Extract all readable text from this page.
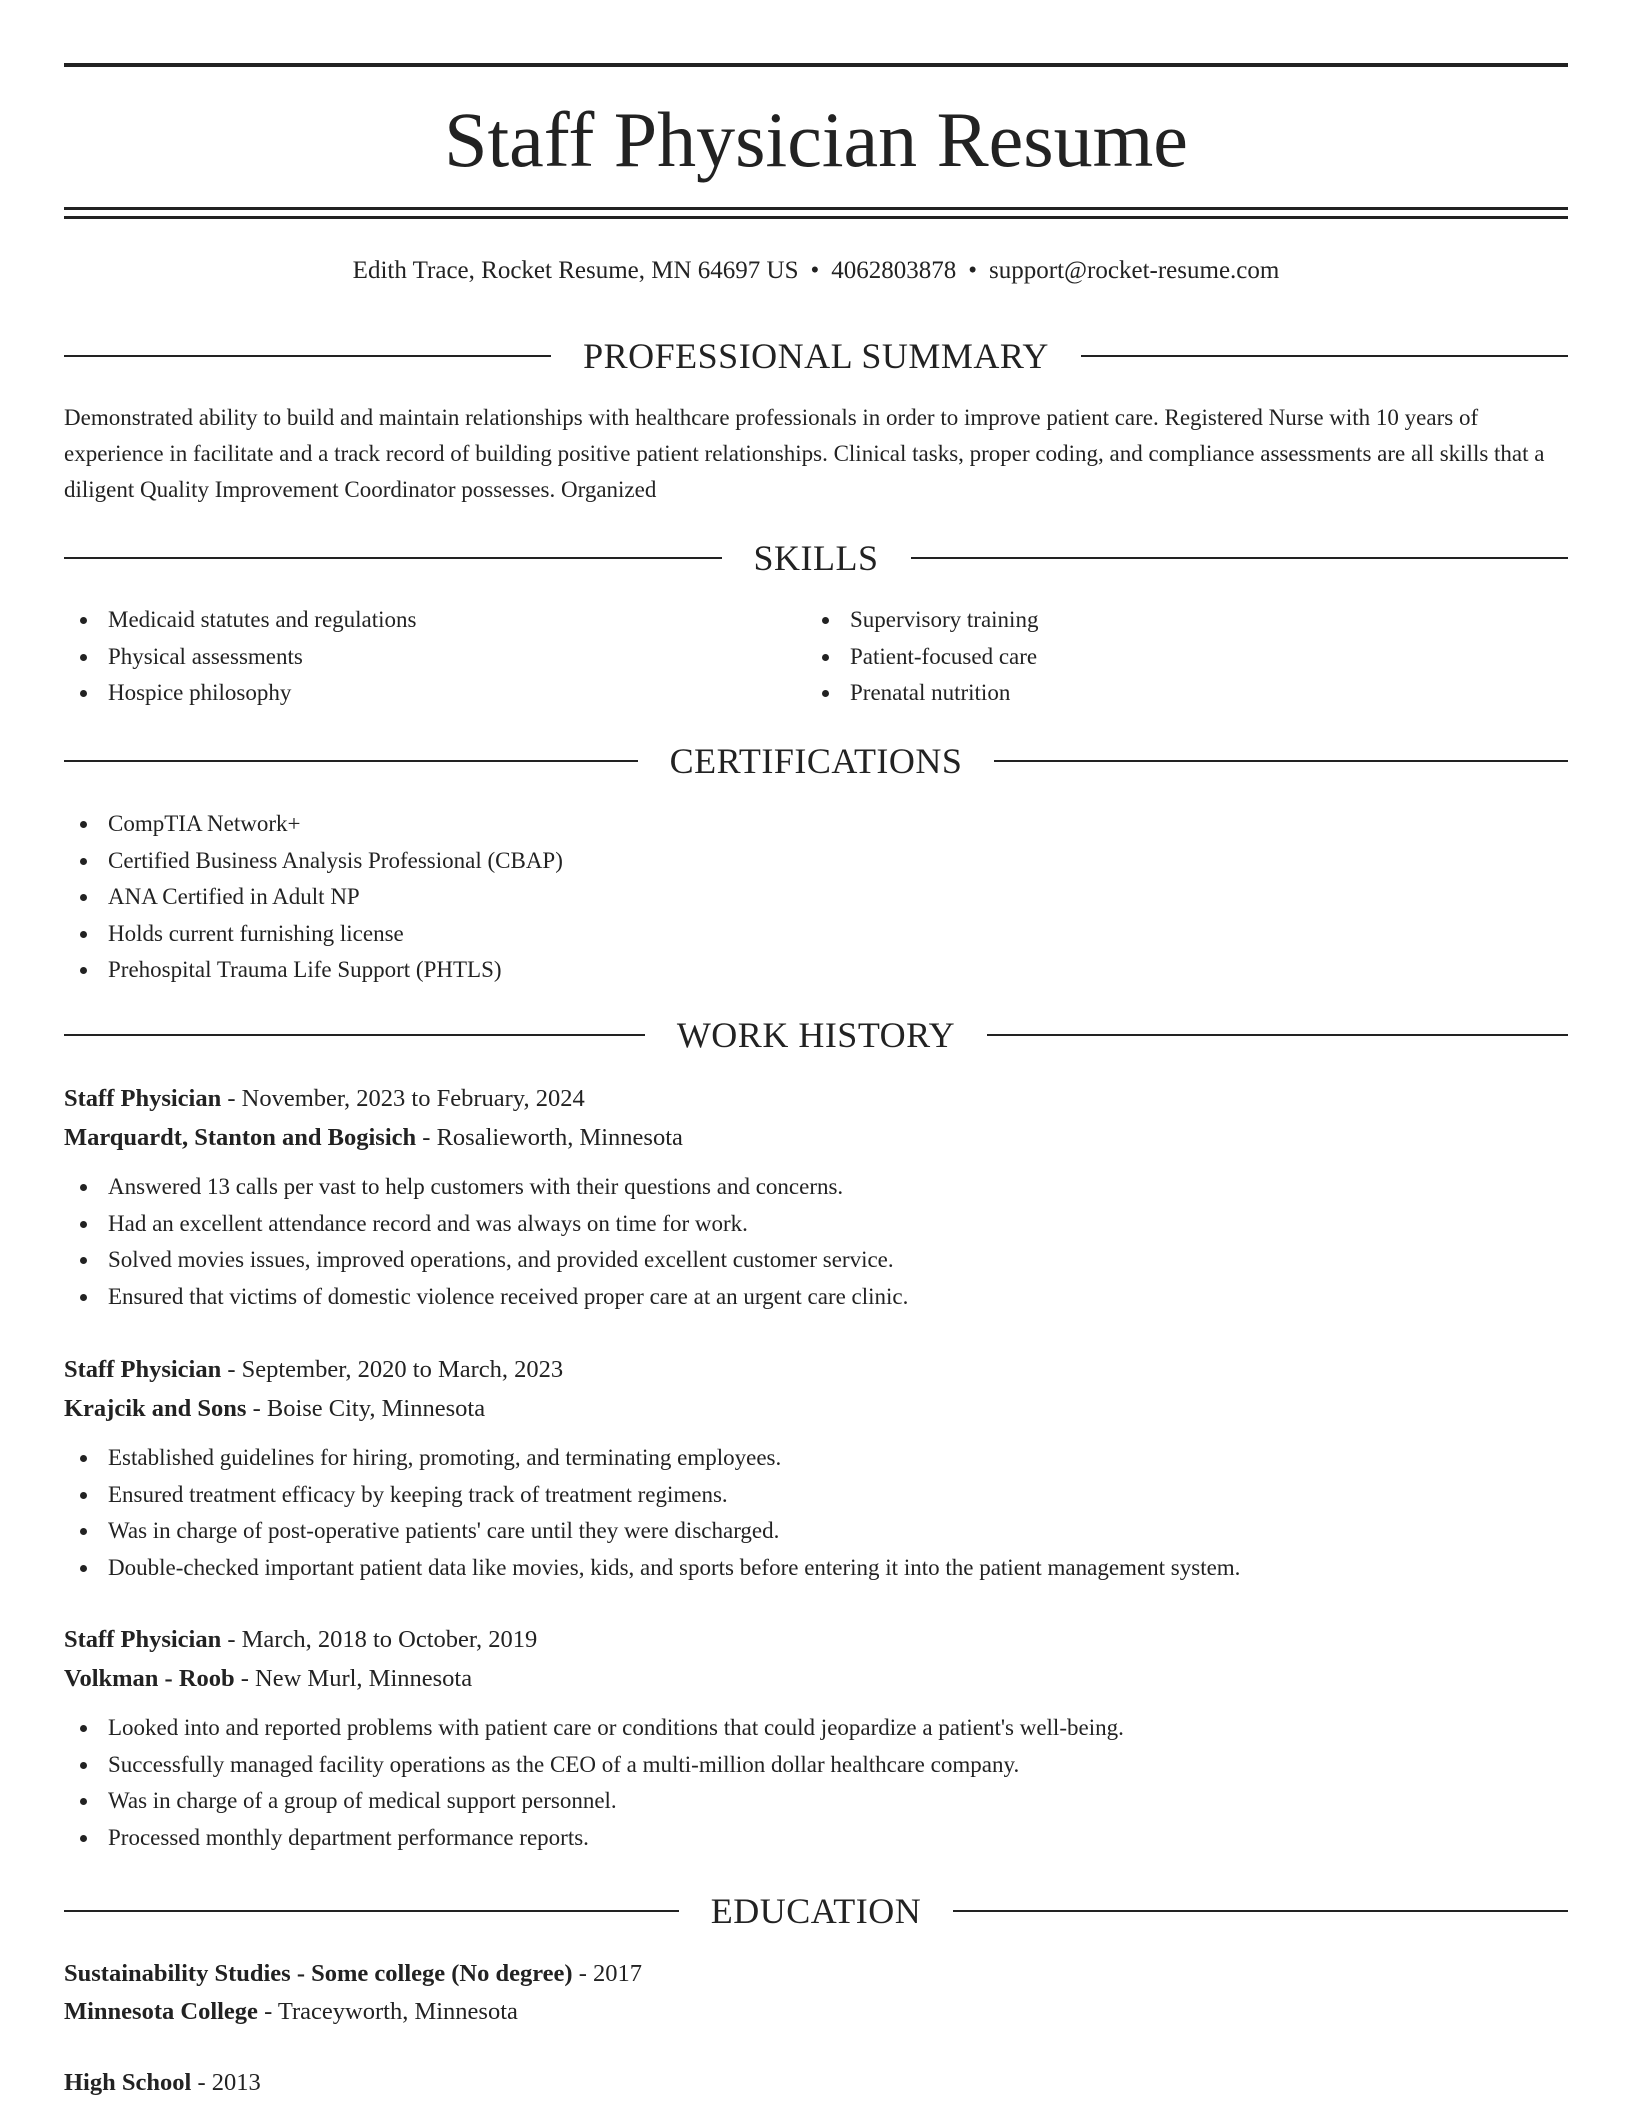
Staff Physician Resume
Edith Trace, Rocket Resume, MN 64697 US • 4062803878 • support@rocket-resume.com
PROFESSIONAL SUMMARY

Demonstrated ability to build and maintain relationships with healthcare professionals in order to improve patient care. Registered Nurse with 10 years of experience in facilitate and a track record of building positive patient relationships. Clinical tasks, proper coding, and compliance assessments are all skills that a diligent Quality Improvement Coordinator possesses. Organized

SKILLS
Medicaid statutes and regulations
Physical assessments
Hospice philosophy
Supervisory training
Patient-focused care
Prenatal nutrition
CERTIFICATIONS
CompTIA Network+
Certified Business Analysis Professional (CBAP)
ANA Certified in Adult NP
Holds current furnishing license
Prehospital Trauma Life Support (PHTLS)
WORK HISTORY
Staff Physician - November, 2023 to February, 2024
Marquardt, Stanton and Bogisich - Rosalieworth, Minnesota
Answered 13 calls per vast to help customers with their questions and concerns.
Had an excellent attendance record and was always on time for work.
Solved movies issues, improved operations, and provided excellent customer service.
Ensured that victims of domestic violence received proper care at an urgent care clinic.
Staff Physician - September, 2020 to March, 2023
Krajcik and Sons - Boise City, Minnesota
Established guidelines for hiring, promoting, and terminating employees.
Ensured treatment efficacy by keeping track of treatment regimens.
Was in charge of post-operative patients' care until they were discharged.
Double-checked important patient data like movies, kids, and sports before entering it into the patient management system.
Staff Physician - March, 2018 to October, 2019
Volkman - Roob - New Murl, Minnesota
Looked into and reported problems with patient care or conditions that could jeopardize a patient's well-being.
Successfully managed facility operations as the CEO of a multi-million dollar healthcare company.
Was in charge of a group of medical support personnel.
Processed monthly department performance reports.
EDUCATION
Sustainability Studies - Some college (No degree) - 2017
Minnesota College - Traceyworth, Minnesota
High School - 2013
